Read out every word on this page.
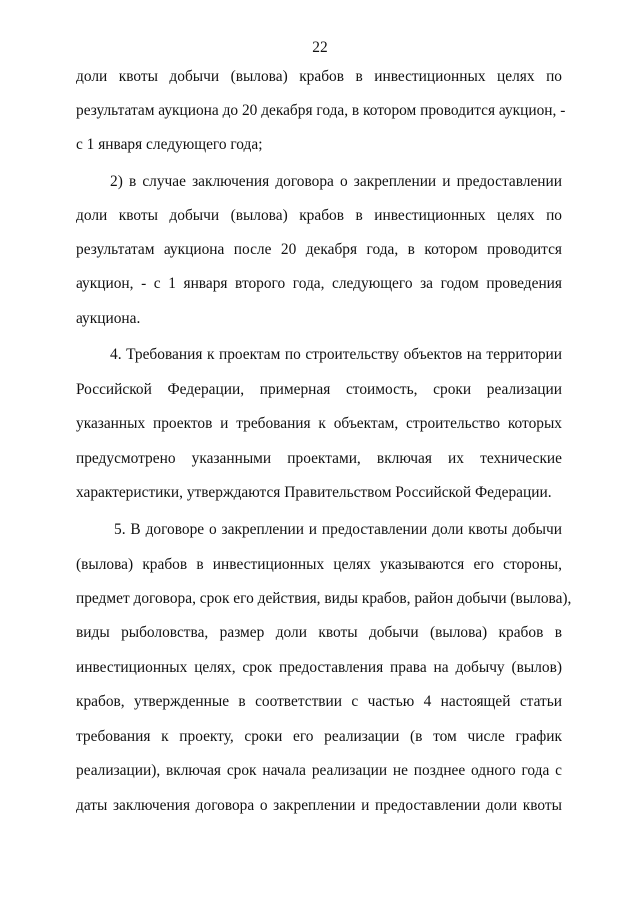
22
доли квоты добычи (вылова) крабов в инвестиционных целях по
результатам аукциона до 20 декабря года, в котором проводится аукцион, -
с 1 января следующего года;
2) в случае заключения договора о закреплении и предоставлении
доли квоты добычи (вылова) крабов в инвестиционных целях по
результатам аукциона после 20 декабря года, в котором проводится
аукцион, - с 1 января второго года, следующего за годом проведения
аукциона.
4. Требования к проектам по строительству объектов на территории
Российской Федерации, примерная стоимость, сроки реализации
указанных проектов и требования к объектам, строительство которых
предусмотрено указанными проектами, включая их технические
характеристики, утверждаются Правительством Российской Федерации.
5. В договоре о закреплении и предоставлении доли квоты добычи
(вылова) крабов в инвестиционных целях указываются его стороны,
предмет договора, срок его действия, виды крабов, район добычи (вылова),
виды рыболовства, размер доли квоты добычи (вылова) крабов в
инвестиционных целях, срок предоставления права на добычу (вылов)
крабов, утвержденные в соответствии с частью 4 настоящей статьи
требования к проекту, сроки его реализации (в том числе график
реализации), включая срок начала реализации не позднее одного года с
даты заключения договора о закреплении и предоставлении доли квоты
